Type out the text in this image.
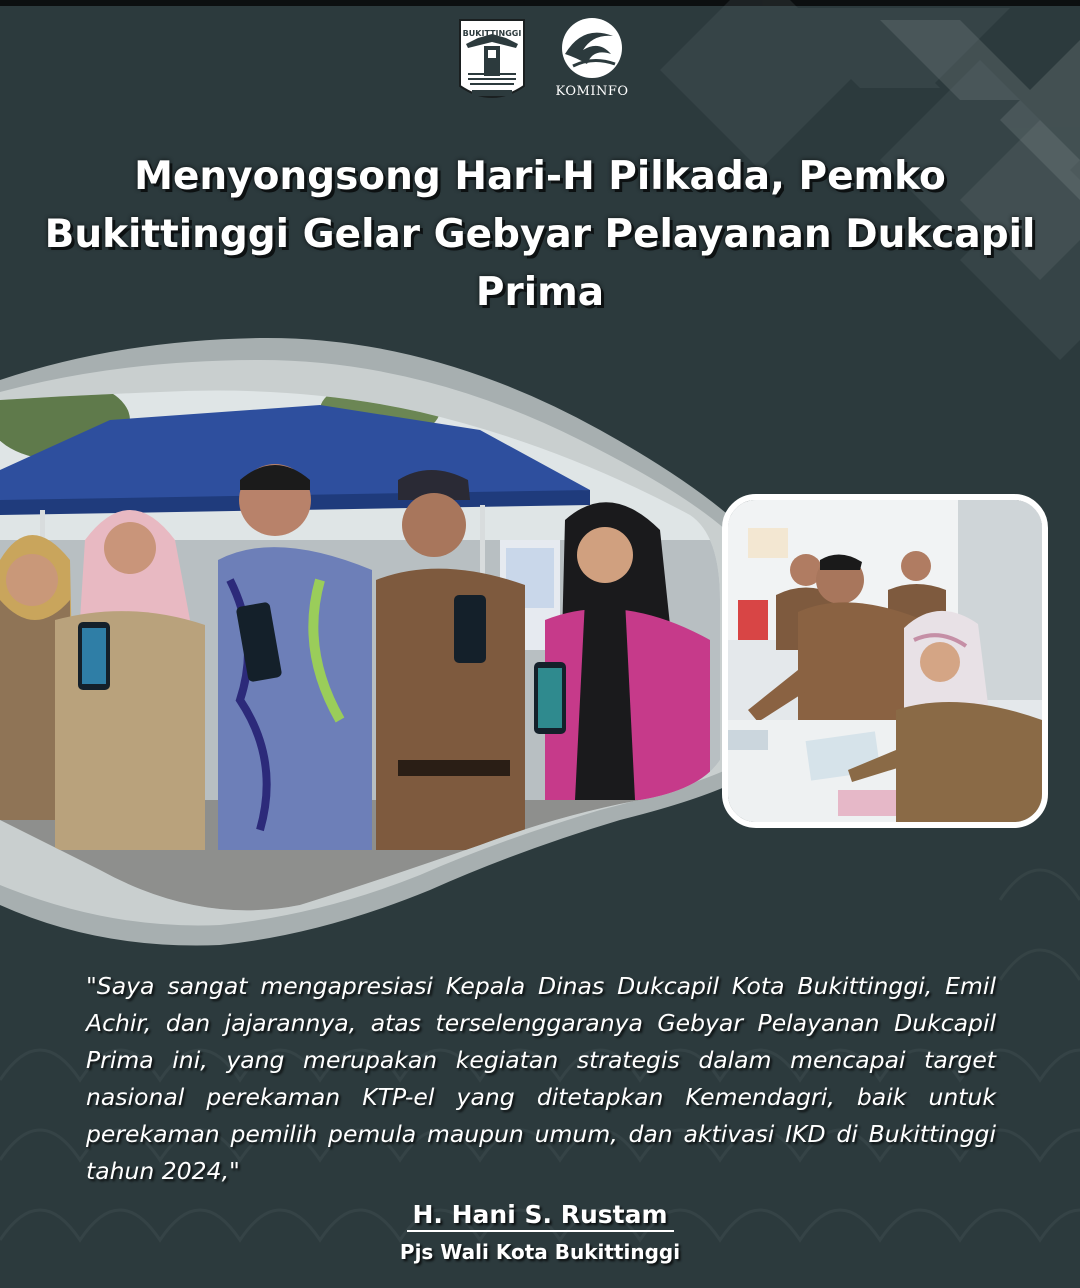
BUKITTINGGI
KOMINFO
Menyongsong Hari-H Pilkada, Pemko Bukittinggi Gelar Gebyar Pelayanan Dukcapil Prima

"Saya sangat mengapresiasi Kepala Dinas Dukcapil Kota Bukittinggi, Emil Achir, dan jajarannya, atas terselenggaranya Gebyar Pelayanan Dukcapil Prima ini, yang merupakan kegiatan strategis dalam mencapai target nasional perekaman KTP-el yang ditetapkan Kemendagri, baik untuk perekaman pemilih pemula maupun umum, dan aktivasi IKD di Bukittinggi tahun 2024,"

H. Hani S. Rustam
Pjs Wali Kota Bukittinggi
